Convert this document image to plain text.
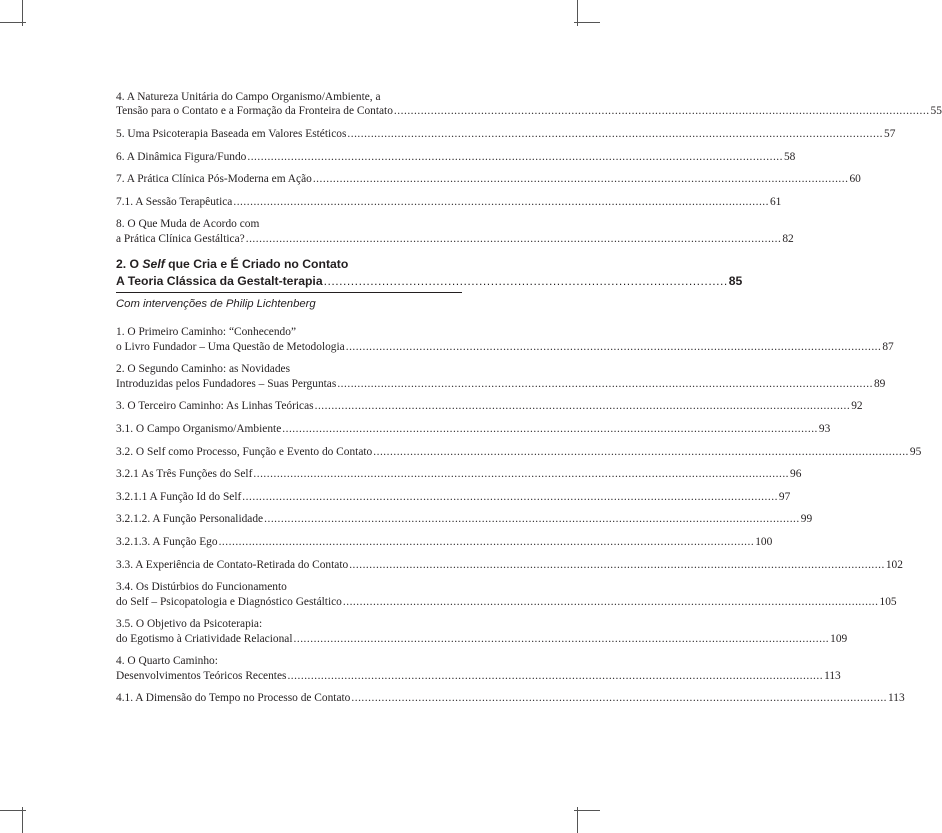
4. A Natureza Unitária do Campo Organismo/Ambiente, a
Tensão para o Contato e a Formação da Fronteira de Contato ................................................................................................................................................................ 55
5. Uma Psicoterapia Baseada em Valores Estéticos ................................................................................................................................................................ 57
6. A Dinâmica Figura/Fundo ................................................................................................................................................................ 58
7. A Prática Clínica Pós-Moderna em Ação ................................................................................................................................................................ 60
7.1. A Sessão Terapêutica ................................................................................................................................................................ 61
8. O Que Muda de Acordo com
a Prática Clínica Gestáltica? ................................................................................................................................................................ 82
2. O Self que Cria e É Criado no Contato
A Teoria Clássica da Gestalt-terapia ........................................................................................................ 85
Com intervenções de Philip Lichtenberg
1. O Primeiro Caminho: “Conhecendo”
o Livro Fundador – Uma Questão de Metodologia ................................................................................................................................................................ 87
2. O Segundo Caminho: as Novidades
Introduzidas pelos Fundadores – Suas Perguntas ................................................................................................................................................................ 89
3. O Terceiro Caminho: As Linhas Teóricas ................................................................................................................................................................ 92
3.1. O Campo Organismo/Ambiente ................................................................................................................................................................ 93
3.2. O Self como Processo, Função e Evento do Contato ................................................................................................................................................................ 95
3.2.1 As Três Funções do Self ................................................................................................................................................................ 96
3.2.1.1 A Função Id do Self ................................................................................................................................................................ 97
3.2.1.2. A Função Personalidade ................................................................................................................................................................ 99
3.2.1.3. A Função Ego ................................................................................................................................................................ 100
3.3. A Experiência de Contato-Retirada do Contato ................................................................................................................................................................ 102
3.4. Os Distúrbios do Funcionamento
do Self – Psicopatologia e Diagnóstico Gestáltico ................................................................................................................................................................ 105
3.5. O Objetivo da Psicoterapia:
do Egotismo à Criatividade Relacional ................................................................................................................................................................ 109
4. O Quarto Caminho:
Desenvolvimentos Teóricos Recentes ................................................................................................................................................................ 113
4.1. A Dimensão do Tempo no Processo de Contato ................................................................................................................................................................ 113
